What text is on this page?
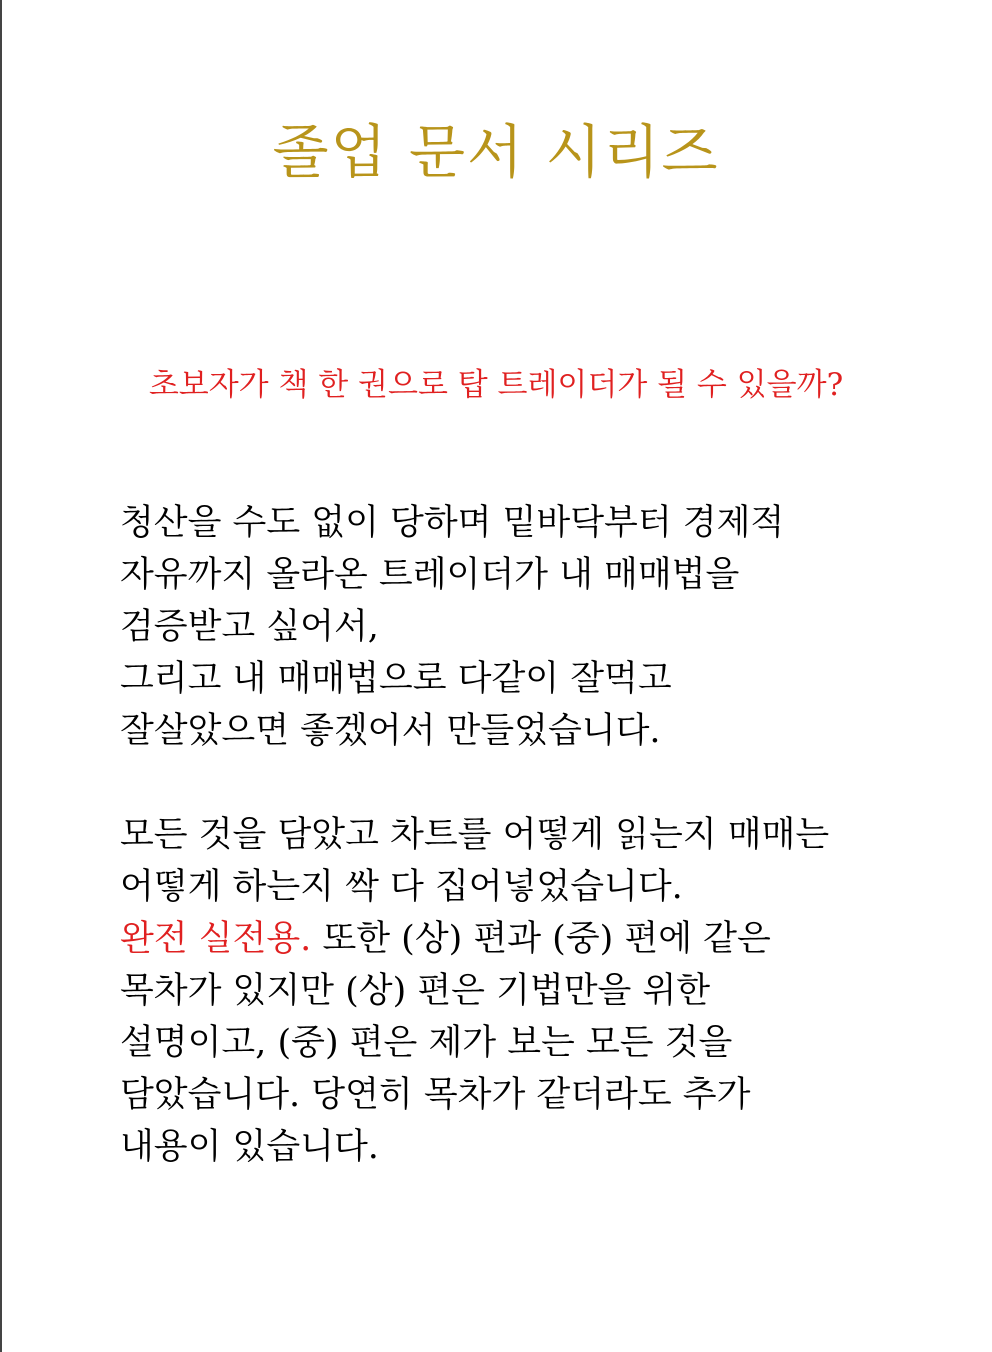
졸업 문서 시리즈

초보자가 책 한 권으로 탑 트레이더가 될 수 있을까?

청산을 수도 없이 당하며 밑바닥부터 경제적
자유까지 올라온 트레이더가 내 매매법을
검증받고 싶어서,
그리고 내 매매법으로 다같이 잘먹고
잘살았으면 좋겠어서 만들었습니다.
모든 것을 담았고 차트를 어떻게 읽는지 매매는
어떻게 하는지 싹 다 집어넣었습니다.
완전 실전용. 또한 (상) 편과 (중) 편에 같은
목차가 있지만 (상) 편은 기법만을 위한
설명이고, (중) 편은 제가 보는 모든 것을
담았습니다. 당연히 목차가 같더라도 추가
내용이 있습니다.
